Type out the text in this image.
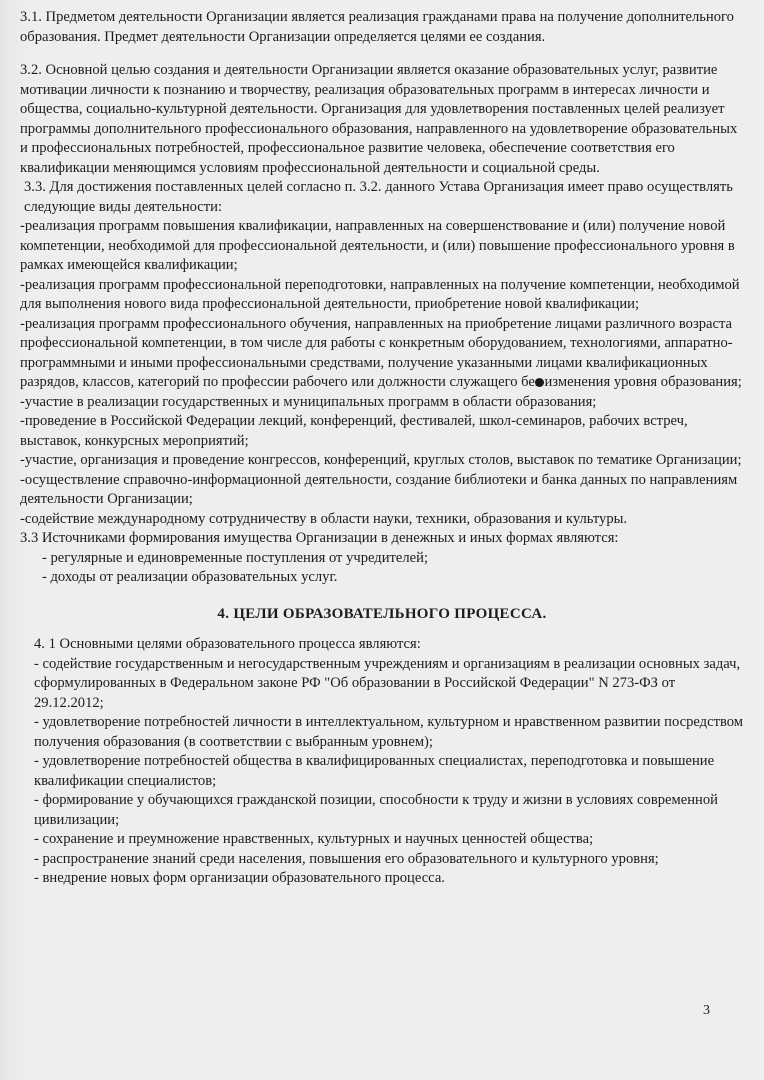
3.1. Предметом деятельности Организации является реализация гражданами права на получение дополнительного образования. Предмет деятельности Организации определяется целями ее создания.

3.2. Основной целью создания и деятельности Организации является оказание образовательных услуг, развитие мотивации личности к познанию и творчеству, реализация образовательных программ в интересах личности и общества, социально-культурной деятельности. Организация для удовлетворения поставленных целей реализует программы дополнительного профессионального образования, направленного на удовлетворение образовательных и профессиональных потребностей, профессиональное развитие человека, обеспечение соответствия его квалификации меняющимся условиям профессиональной деятельности и социальной среды.

3.3. Для достижения поставленных целей согласно п. 3.2. данного Устава Организация имеет право осуществлять следующие виды деятельности:

-реализация программ повышения квалификации, направленных на совершенствование и (или) получение новой компетенции, необходимой для профессиональной деятельности, и (или) повышение профессионального уровня в рамках имеющейся квалификации;

-реализация программ профессиональной переподготовки, направленных на получение компетенции, необходимой для выполнения нового вида профессиональной деятельности, приобретение новой квалификации;

-реализация программ профессионального обучения, направленных на приобретение лицами различного возраста профессиональной компетенции, в том числе для работы с конкретным оборудованием, технологиями, аппаратно-программными и иными профессиональными средствами, получение указанными лицами квалификационных разрядов, классов, категорий по профессии рабочего или должности служащего без изменения уровня образования;

-участие в реализации государственных и муниципальных программ в области образования;

-проведение в Российской Федерации лекций, конференций, фестивалей, школ-семинаров, рабочих встреч, выставок, конкурсных мероприятий;

-участие, организация и проведение конгрессов, конференций, круглых столов, выставок по тематике Организации;

-осуществление справочно-информационной деятельности, создание библиотеки и банка данных по направлениям деятельности Организации;

-содействие международному сотрудничеству в области науки, техники, образования и культуры.

3.3 Источниками формирования имущества Организации в денежных и иных формах являются:

- регулярные и единовременные поступления от учредителей;

- доходы от реализации образовательных услуг.

4. ЦЕЛИ ОБРАЗОВАТЕЛЬНОГО ПРОЦЕССА.

4. 1 Основными целями образовательного процесса являются:

- содействие государственным и негосударственным учреждениям и организациям в реализации основных задач, сформулированных в Федеральном законе РФ "Об образовании в Российской Федерации" N 273-ФЗ от 29.12.2012;

- удовлетворение потребностей личности в интеллектуальном, культурном и нравственном развитии посредством получения образования (в соответствии с выбранным уровнем);

- удовлетворение потребностей общества в квалифицированных специалистах, переподготовка и повышение квалификации специалистов;

- формирование у обучающихся гражданской позиции, способности к труду и жизни в условиях современной цивилизации;

- сохранение и преумножение нравственных, культурных и научных ценностей общества;

- распространение знаний среди населения, повышения его образовательного и культурного уровня;

- внедрение новых форм организации образовательного процесса.

3
